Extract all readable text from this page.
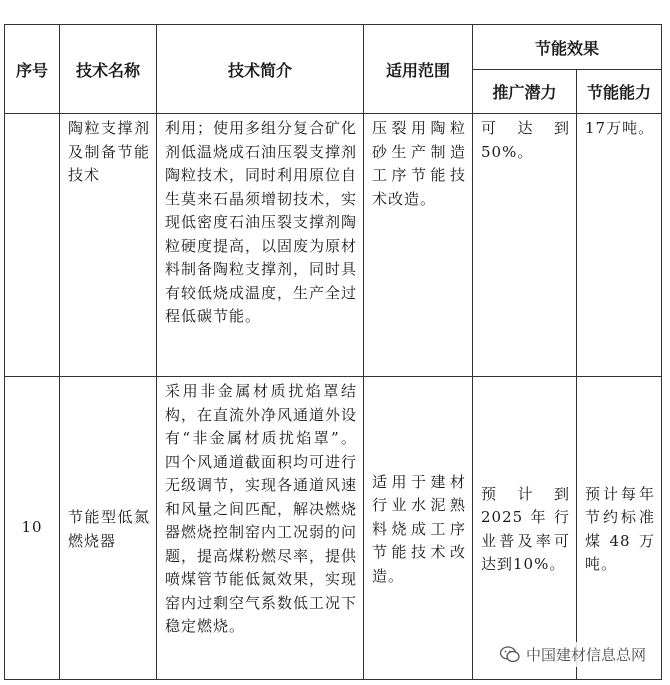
序号	技术名称	技术简介	适用范围	节能效果	
				推广潜力	节能能力

	陶粒支撑剂及制备节能技术	利用；使用多组分复合矿化剂低温烧成石油压裂支撑剂陶粒技术，同时利用原位自生莫来石晶须增韧技术，实现低密度石油压裂支撑剂陶粒硬度提高，以固废为原材料制备陶粒支撑剂，同时具有较低烧成温度，生产全过程低碳节能。	压裂用陶粒砂生产制造工序节能技术改造。	可达到50%。	17万吨。

10	节能型低氮燃烧器	采用非金属材质扰焰罩结构，在直流外净风通道外设有“非金属材质扰焰罩”。四个风通道截面积均可进行无级调节，实现各通道风速和风量之间匹配，解决燃烧器燃烧控制窑内工况弱的问题，提高煤粉燃尽率，提供喷煤管节能低氮效果，实现窑内过剩空气系数低工况下稳定燃烧。	适用于建材行业水泥熟料烧成工序节能技术改造。	预计到2025年行业普及率可达到10%。	预计每年节约标准煤48万吨。
中国建材信息总网
